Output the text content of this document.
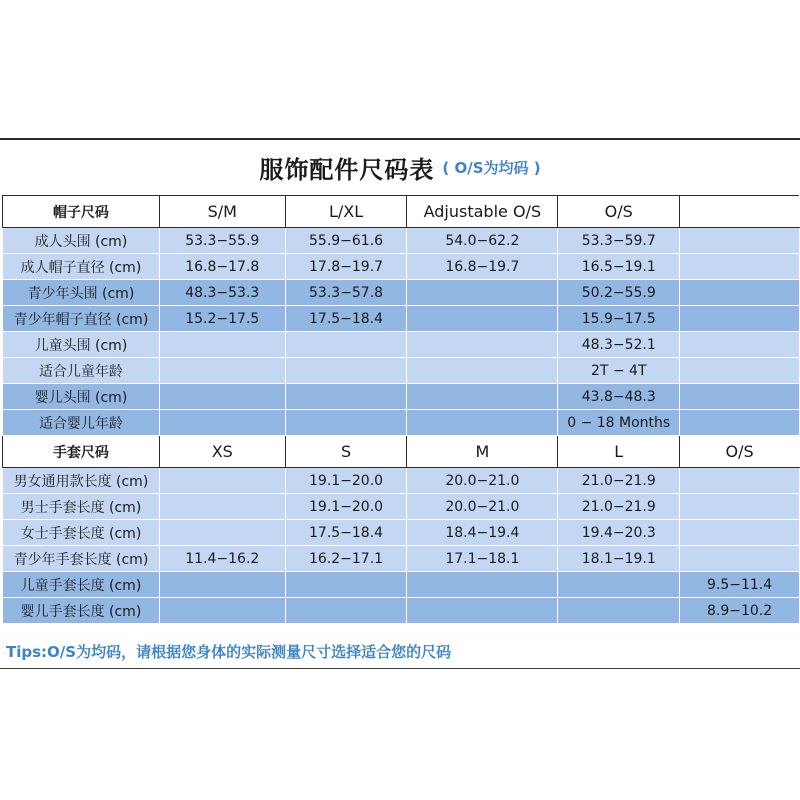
服饰配件尺码表 ( O/S为均码 )
帽子尺码	S/M	L/XL	Adjustable O/S	O/S	
成人头围 (cm)	53.3−55.9	55.9−61.6	54.0−62.2	53.3−59.7	
成人帽子直径 (cm)	16.8−17.8	17.8−19.7	16.8−19.7	16.5−19.1	
青少年头围 (cm)	48.3−53.3	53.3−57.8		50.2−55.9	
青少年帽子直径 (cm)	15.2−17.5	17.5−18.4		15.9−17.5	
儿童头围 (cm)				48.3−52.1	
适合儿童年龄				2T − 4T	
婴儿头围 (cm)				43.8−48.3	
适合婴儿年龄				0 − 18 Months	
手套尺码	XS	S	M	L	O/S
男女通用款长度 (cm)		19.1−20.0	20.0−21.0	21.0−21.9	
男士手套长度 (cm)		19.1−20.0	20.0−21.0	21.0−21.9	
女士手套长度 (cm)		17.5−18.4	18.4−19.4	19.4−20.3	
青少年手套长度 (cm)	11.4−16.2	16.2−17.1	17.1−18.1	18.1−19.1	
儿童手套长度 (cm)					9.5−11.4
婴儿手套长度 (cm)					8.9−10.2
Tips:O/S为均码，请根据您身体的实际测量尺寸选择适合您的尺码
